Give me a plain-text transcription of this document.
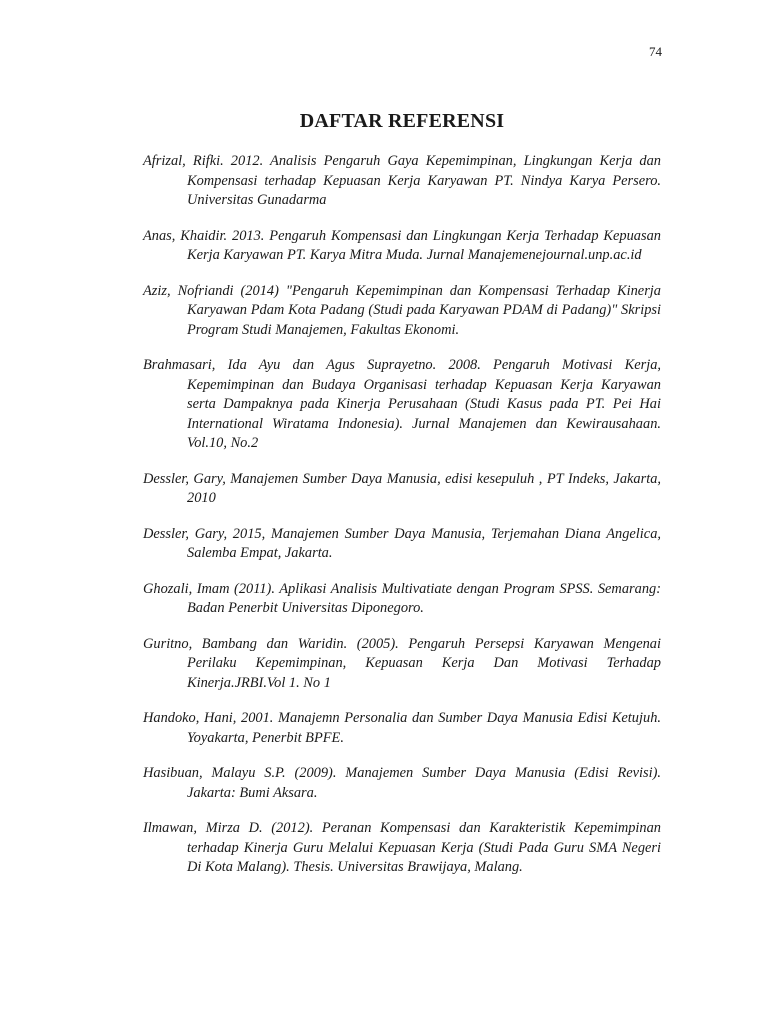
74
DAFTAR REFERENSI
Afrizal, Rifki. 2012. Analisis Pengaruh Gaya Kepemimpinan, Lingkungan Kerja dan Kompensasi terhadap Kepuasan Kerja Karyawan PT. Nindya Karya Persero. Universitas Gunadarma
Anas, Khaidir. 2013. Pengaruh Kompensasi dan Lingkungan Kerja Terhadap Kepuasan Kerja Karyawan PT. Karya Mitra Muda. Jurnal Manajemenejournal.unp.ac.id
Aziz, Nofriandi (2014) "Pengaruh Kepemimpinan dan Kompensasi Terhadap Kinerja Karyawan Pdam Kota Padang (Studi pada Karyawan PDAM di Padang)" Skripsi Program Studi Manajemen, Fakultas Ekonomi.
Brahmasari, Ida Ayu dan Agus Suprayetno. 2008. Pengaruh Motivasi Kerja, Kepemimpinan dan Budaya Organisasi terhadap Kepuasan Kerja Karyawan serta Dampaknya pada Kinerja Perusahaan (Studi Kasus pada PT. Pei Hai International Wiratama Indonesia). Jurnal Manajemen dan Kewirausahaan. Vol.10, No.2
Dessler, Gary, Manajemen Sumber Daya Manusia, edisi kesepuluh , PT Indeks, Jakarta, 2010
Dessler, Gary, 2015, Manajemen Sumber Daya Manusia, Terjemahan Diana Angelica, Salemba Empat, Jakarta.
Ghozali, Imam (2011). Aplikasi Analisis Multivatiate dengan Program SPSS. Semarang: Badan Penerbit Universitas Diponegoro.
Guritno, Bambang dan Waridin. (2005). Pengaruh Persepsi Karyawan Mengenai Perilaku Kepemimpinan, Kepuasan Kerja Dan Motivasi Terhadap Kinerja.JRBI.Vol 1. No 1
Handoko, Hani, 2001. Manajemn Personalia dan Sumber Daya Manusia Edisi Ketujuh. Yoyakarta, Penerbit BPFE.
Hasibuan, Malayu S.P. (2009). Manajemen Sumber Daya Manusia (Edisi Revisi). Jakarta: Bumi Aksara.
Ilmawan, Mirza D. (2012). Peranan Kompensasi dan Karakteristik Kepemimpinan terhadap Kinerja Guru Melalui Kepuasan Kerja (Studi Pada Guru SMA Negeri Di Kota Malang). Thesis. Universitas Brawijaya, Malang.
